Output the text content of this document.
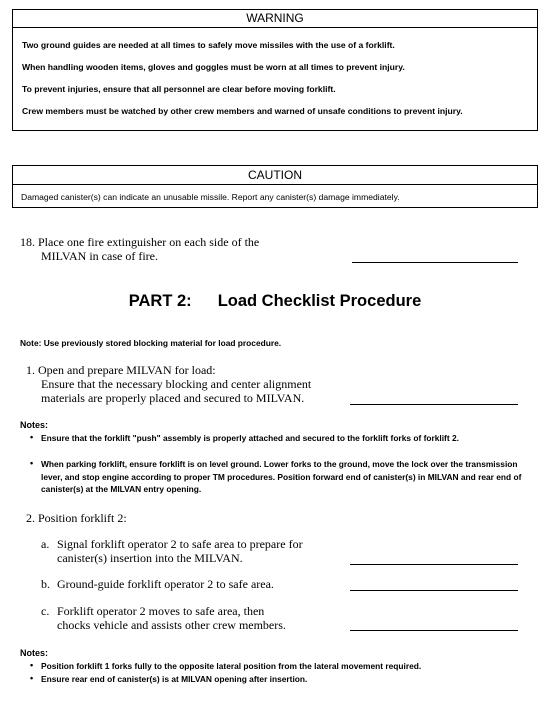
WARNING
Two ground guides are needed at all times to safely move missiles with the use of a forklift.
When handling wooden items, gloves and goggles must be worn at all times to prevent injury.
To prevent injuries, ensure that all personnel are clear before moving forklift.
Crew members must be watched by other crew members and warned of unsafe conditions to prevent injury.
CAUTION
Damaged canister(s) can indicate an unusable missile. Report any canister(s) damage immediately.
18. Place one fire extinguisher on each side of the
MILVAN in case of fire.
PART 2: Load Checklist Procedure
Note: Use previously stored blocking material for load procedure.
1. Open and prepare MILVAN for load:
Ensure that the necessary blocking and center alignment
materials are properly placed and secured to MILVAN.
Notes:
• Ensure that the forklift "push" assembly is properly attached and secured to the forklift forks of forklift 2.
• When parking forklift, ensure forklift is on level ground. Lower forks to the ground, move the lock over the transmission lever, and stop engine according to proper TM procedures. Position forward end of canister(s) in MILVAN and rear end of canister(s) at the MILVAN entry opening.
2. Position forklift 2:
a. Signal forklift operator 2 to safe area to prepare for
canister(s) insertion into the MILVAN.
b. Ground-guide forklift operator 2 to safe area.
c. Forklift operator 2 moves to safe area, then
chocks vehicle and assists other crew members.
Notes:
• Position forklift 1 forks fully to the opposite lateral position from the lateral movement required.
• Ensure rear end of canister(s) is at MILVAN opening after insertion.
